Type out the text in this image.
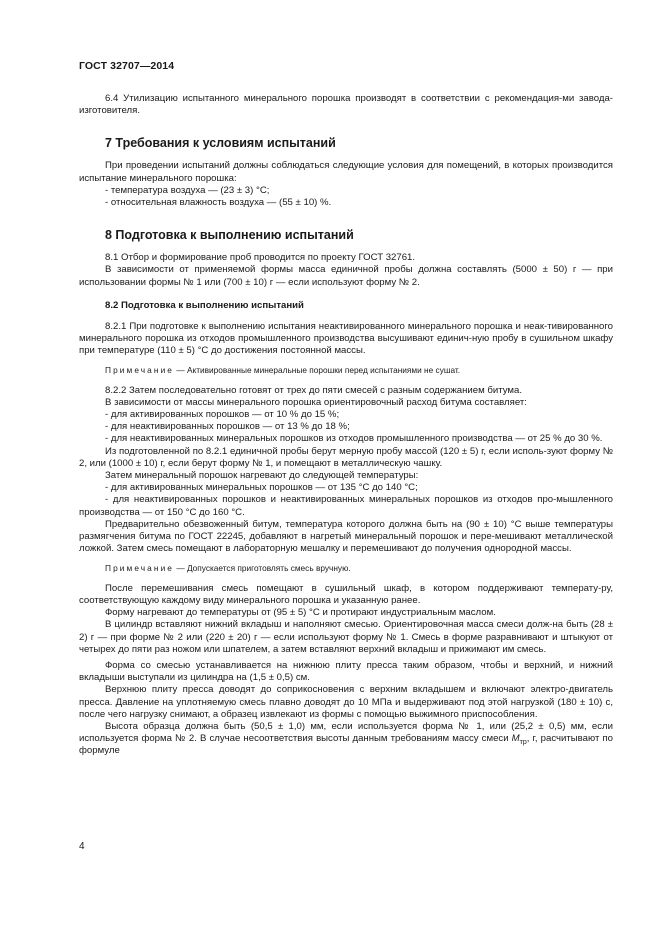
ГОСТ 32707—2014

6.4 Утилизацию испытанного минерального порошка производят в соответствии с рекомендация-ми завода-изготовителя.

7 Требования к условиям испытаний

При проведении испытаний должны соблюдаться следующие условия для помещений, в которых производится испытание минерального порошка:

- температура воздуха — (23 ± 3) °С;

- относительная влажность воздуха — (55 ± 10) %.

8 Подготовка к выполнению испытаний

8.1 Отбор и формирование проб проводится по проекту ГОСТ 32761.

В зависимости от применяемой формы масса единичной пробы должна составлять (5000 ± 50) г — при использовании формы № 1 или (700 ± 10) г — если используют форму № 2.

8.2 Подготовка к выполнению испытаний

8.2.1 При подготовке к выполнению испытания неактивированного минерального порошка и неак-тивированного минерального порошка из отходов промышленного производства высушивают единич-ную пробу в сушильном шкафу при температуре (110 ± 5) °С до достижения постоянной массы.

Примечание — Активированные минеральные порошки перед испытаниями не сушат.

8.2.2 Затем последовательно готовят от трех до пяти смесей с разным содержанием битума.

В зависимости от массы минерального порошка ориентировочный расход битума составляет:

- для активированных порошков — от 10 % до 15 %;

- для неактивированных порошков — от 13 % до 18 %;

- для неактивированных минеральных порошков из отходов промышленного производства — от 25 % до 30 %.

Из подготовленной по 8.2.1 единичной пробы берут мерную пробу массой (120 ± 5) г, если исполь-зуют форму № 2, или (1000 ± 10) г, если берут форму № 1, и помещают в металлическую чашку.

Затем минеральный порошок нагревают до следующей температуры:

- для активированных минеральных порошков — от 135 °С до 140 °С;

- для неактивированных порошков и неактивированных минеральных порошков из отходов про-мышленного производства — от 150 °С до 160 °С.

Предварительно обезвоженный битум, температура которого должна быть на (90 ± 10) °С выше температуры размягчения битума по ГОСТ 22245, добавляют в нагретый минеральный порошок и пере-мешивают металлической ложкой. Затем смесь помещают в лабораторную мешалку и перемешивают до получения однородной массы.

Примечание — Допускается приготовлять смесь вручную.

После перемешивания смесь помещают в сушильный шкаф, в котором поддерживают температу-ру, соответствующую каждому виду минерального порошка и указанную ранее.

Форму нагревают до температуры от (95 ± 5) °С и протирают индустриальным маслом.

В цилиндр вставляют нижний вкладыш и наполняют смесью. Ориентировочная масса смеси долж-на быть (28 ± 2) г — при форме № 2 или (220 ± 20) г — если используют форму № 1. Смесь в форме разравнивают и штыкуют от четырех до пяти раз ножом или шпателем, а затем вставляют верхний вкладыш и прижимают им смесь.

Форма со смесью устанавливается на нижнюю плиту пресса таким образом, чтобы и верхний, и нижний вкладыши выступали из цилиндра на (1,5 ± 0,5) см.

Верхнюю плиту пресса доводят до соприкосновения с верхним вкладышем и включают электро-двигатель пресса. Давление на уплотняемую смесь плавно доводят до 10 МПа и выдерживают под этой нагрузкой (180 ± 10) с, после чего нагрузку снимают, а образец извлекают из формы с помощью выжимного приспособления.

Высота образца должна быть (50,5 ± 1,0) мм, если используется форма № 1, или (25,2 ± 0,5) мм, если используется форма № 2. В случае несоответствия высоты данным требованиям массу смеси $M_{тр}$, г, расчитывают по формуле

4
